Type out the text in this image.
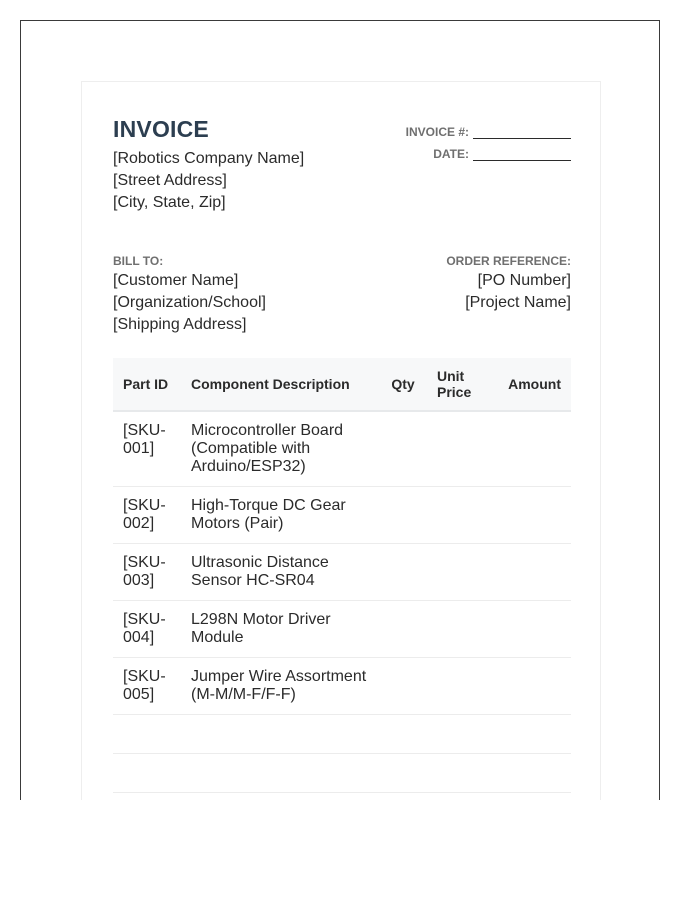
INVOICE
[Robotics Company Name]
[Street Address]
[City, State, Zip]
INVOICE #:
DATE:
BILL TO:
[Customer Name]
[Organization/School]
[Shipping Address]
ORDER REFERENCE:
[PO Number]
[Project Name]
Part ID	Component Description	Qty	Unit Price	Amount
[SKU-001]	Microcontroller Board (Compatible with Arduino/ESP32)			
[SKU-002]	High-Torque DC Gear Motors (Pair)			
[SKU-003]	Ultrasonic Distance Sensor HC-SR04			
[SKU-004]	L298N Motor Driver Module			
[SKU-005]	Jumper Wire Assortment (M-M/M-F/F-F)			
